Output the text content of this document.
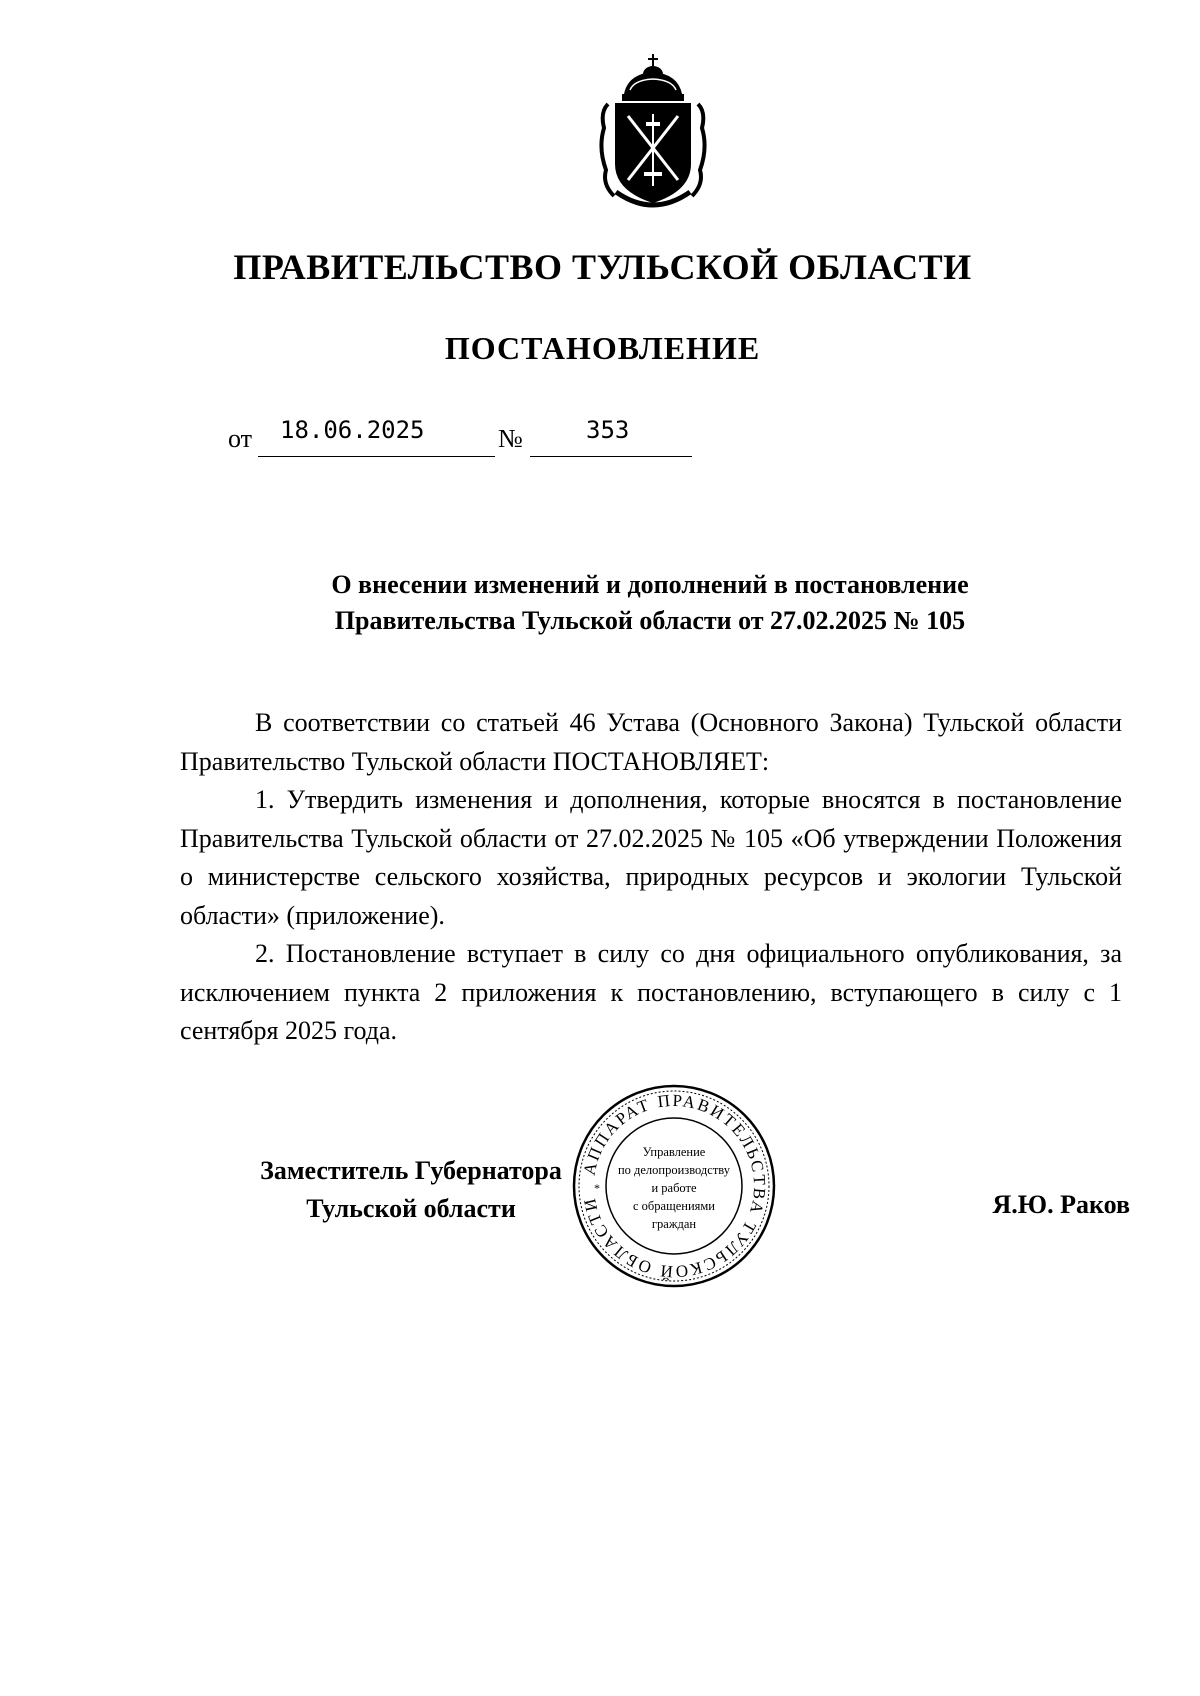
ПРАВИТЕЛЬСТВО ТУЛЬСКОЙ ОБЛАСТИ
ПОСТАНОВЛЕНИЕ
от 18.06.2025	№	353
О внесении изменений и дополнений в постановление
Правительства Тульской области от 27.02.2025 № 105

В соответствии со статьей 46 Устава (Основного Закона) Тульской области Правительство Тульской области ПОСТАНОВЛЯЕТ:

1. Утвердить изменения и дополнения, которые вносятся в постановление Правительства Тульской области от 27.02.2025 № 105 «Об утверждении Положения о министерстве сельского хозяйства, природных ресурсов и экологии Тульской области» (приложение).

2. Постановление вступает в силу со дня официального опубликования, за исключением пункта 2 приложения к постановлению, вступающего в силу с 1 сентября 2025 года.

Заместитель Губернатора
Тульской области	Я.Ю. Раков
АППАРАТ ПРАВИТЕЛЬСТВА ТУЛЬСКОЙ ОБЛАСТИ
*
Управление
по делопроизводству
и работе
с обращениями
граждан
